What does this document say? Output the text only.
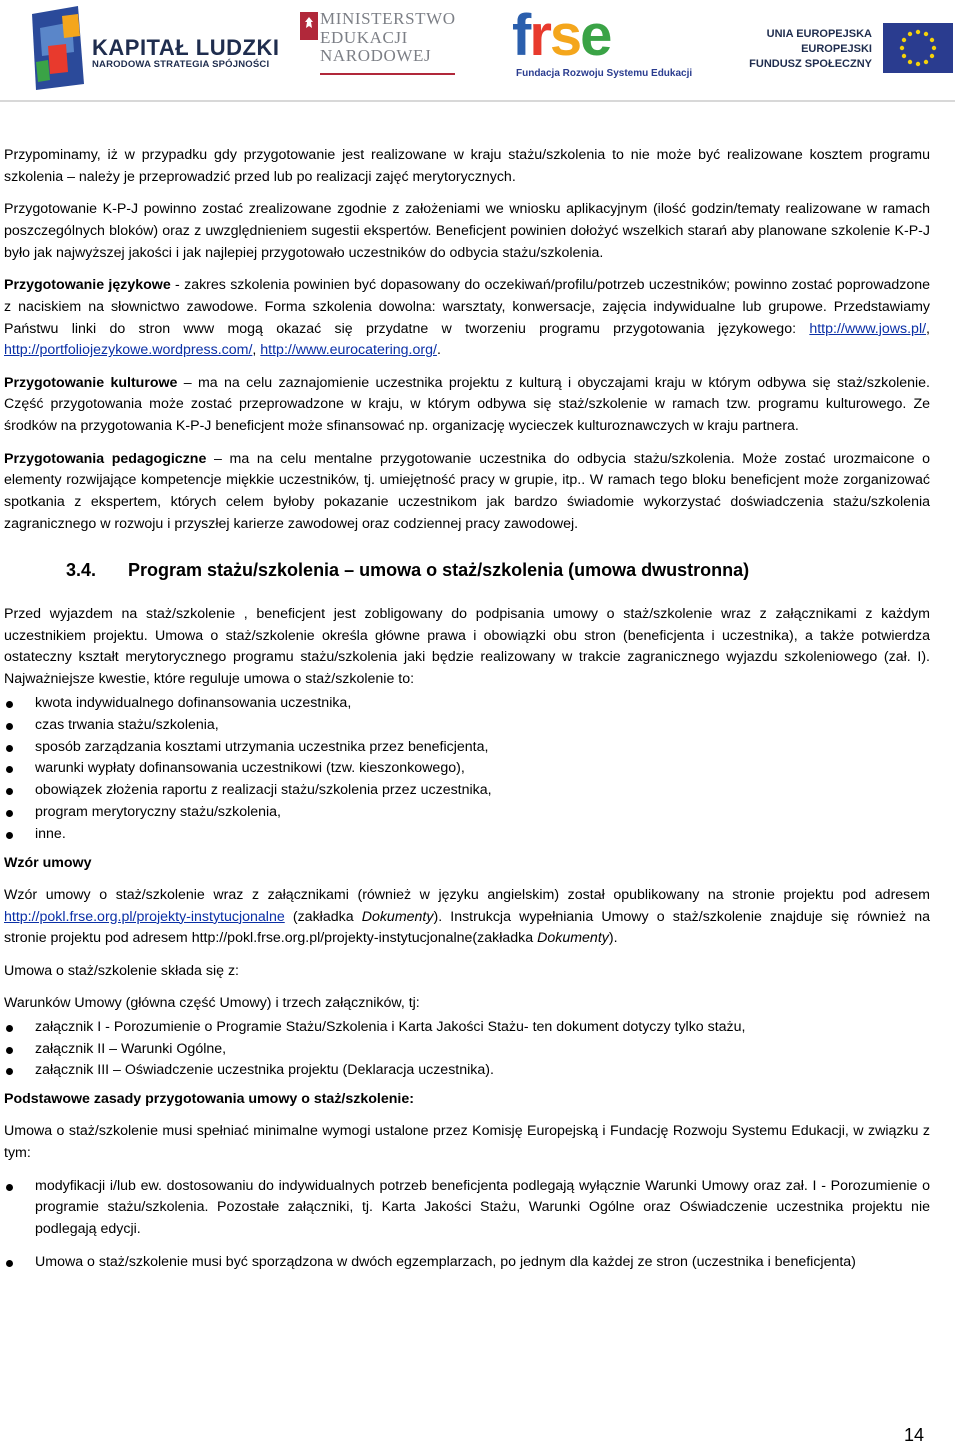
KAPITAŁ LUDZKI
NARODOWA STRATEGIA SPÓJNOŚCI
MINISTERSTWO
EDUKACJI
NARODOWEJ	frse
Fundacja Rozwoju Systemu Edukacji
UNIA EUROPEJSKA
EUROPEJSKI
FUNDUSZ SPOŁECZNY

Przypominamy, iż w przypadku gdy przygotowanie jest realizowane w kraju stażu/szkolenia to nie może być realizowane kosztem programu szkolenia – należy je przeprowadzić przed lub po realizacji zajęć merytorycznych.

Przygotowanie K-P-J powinno zostać zrealizowane zgodnie z założeniami we wniosku aplikacyjnym (ilość godzin/tematy realizowane w ramach poszczególnych bloków) oraz z uwzględnieniem sugestii ekspertów. Beneficjent powinien dołożyć wszelkich starań aby planowane szkolenie K-P-J było jak najwyższej jakości i jak najlepiej przygotowało uczestników do odbycia stażu/szkolenia.

Przygotowanie językowe - zakres szkolenia powinien być dopasowany do oczekiwań/profilu/potrzeb uczestników; powinno zostać poprowadzone z naciskiem na słownictwo zawodowe. Forma szkolenia dowolna: warsztaty, konwersacje, zajęcia indywidualne lub grupowe. Przedstawiamy Państwu linki do stron www mogą okazać się przydatne w tworzeniu programu przygotowania językowego: http://www.jows.pl/, http://portfoliojezykowe.wordpress.com/, http://www.eurocatering.org/.

Przygotowanie kulturowe – ma na celu zaznajomienie uczestnika projektu z kulturą i obyczajami kraju w którym odbywa się staż/szkolenie. Część przygotowania może zostać przeprowadzone w kraju, w którym odbywa się staż/szkolenie w ramach tzw. programu kulturowego. Ze środków na przygotowania K-P-J beneficjent może sfinansować np. organizację wycieczek kulturoznawczych w kraju partnera.

Przygotowania pedagogiczne – ma na celu mentalne przygotowanie uczestnika do odbycia stażu/szkolenia. Może zostać urozmaicone o elementy rozwijające kompetencje miękkie uczestników, tj. umiejętność pracy w grupie, itp.. W ramach tego bloku beneficjent może zorganizować spotkania z ekspertem, których celem byłoby pokazanie uczestnikom jak bardzo świadomie wykorzystać doświadczenia stażu/szkolenia zagranicznego w rozwoju i przyszłej karierze zawodowej oraz codziennej pracy zawodowej.

3.4. Program stażu/szkolenia – umowa o staż/szkolenia (umowa dwustronna)

Przed wyjazdem na staż/szkolenie , beneficjent jest zobligowany do podpisania umowy o staż/szkolenie wraz z załącznikami z każdym uczestnikiem projektu. Umowa o staż/szkolenie określa główne prawa i obowiązki obu stron (beneficjenta i uczestnika), a także potwierdza ostateczny kształt merytorycznego programu stażu/szkolenia jaki będzie realizowany w trakcie zagranicznego wyjazdu szkoleniowego (zał. I). Najważniejsze kwestie, które reguluje umowa o staż/szkolenie to:

kwota indywidualnego dofinansowania uczestnika,
czas trwania stażu/szkolenia,
sposób zarządzania kosztami utrzymania uczestnika przez beneficjenta,
warunki wypłaty dofinansowania uczestnikowi (tzw. kieszonkowego),
obowiązek złożenia raportu z realizacji stażu/szkolenia przez uczestnika,
program merytoryczny stażu/szkolenia,
inne.

Wzór umowy

Wzór umowy o staż/szkolenie wraz z załącznikami (również w języku angielskim) został opublikowany na stronie projektu pod adresem http://pokl.frse.org.pl/projekty-instytucjonalne (zakładka Dokumenty). Instrukcja wypełniania Umowy o staż/szkolenie znajduje się również na stronie projektu pod adresem http://pokl.frse.org.pl/projekty-instytucjonalne(zakładka Dokumenty).

Umowa o staż/szkolenie składa się z:

Warunków Umowy (główna część Umowy) i trzech załączników, tj:

załącznik I - Porozumienie o Programie Stażu/Szkolenia i Karta Jakości Stażu- ten dokument dotyczy tylko stażu,
załącznik II – Warunki Ogólne,
załącznik III – Oświadczenie uczestnika projektu (Deklaracja uczestnika).

Podstawowe zasady przygotowania umowy o staż/szkolenie:

Umowa o staż/szkolenie musi spełniać minimalne wymogi ustalone przez Komisję Europejską i Fundację Rozwoju Systemu Edukacji, w związku z tym:

modyfikacji i/lub ew. dostosowaniu do indywidualnych potrzeb beneficjenta podlegają wyłącznie Warunki Umowy oraz zał. I - Porozumienie o programie stażu/szkolenia. Pozostałe załączniki, tj. Karta Jakości Stażu, Warunki Ogólne oraz Oświadczenie uczestnika projektu nie podlegają edycji.
Umowa o staż/szkolenie musi być sporządzona w dwóch egzemplarzach, po jednym dla każdej ze stron (uczestnika i beneficjenta)
14
